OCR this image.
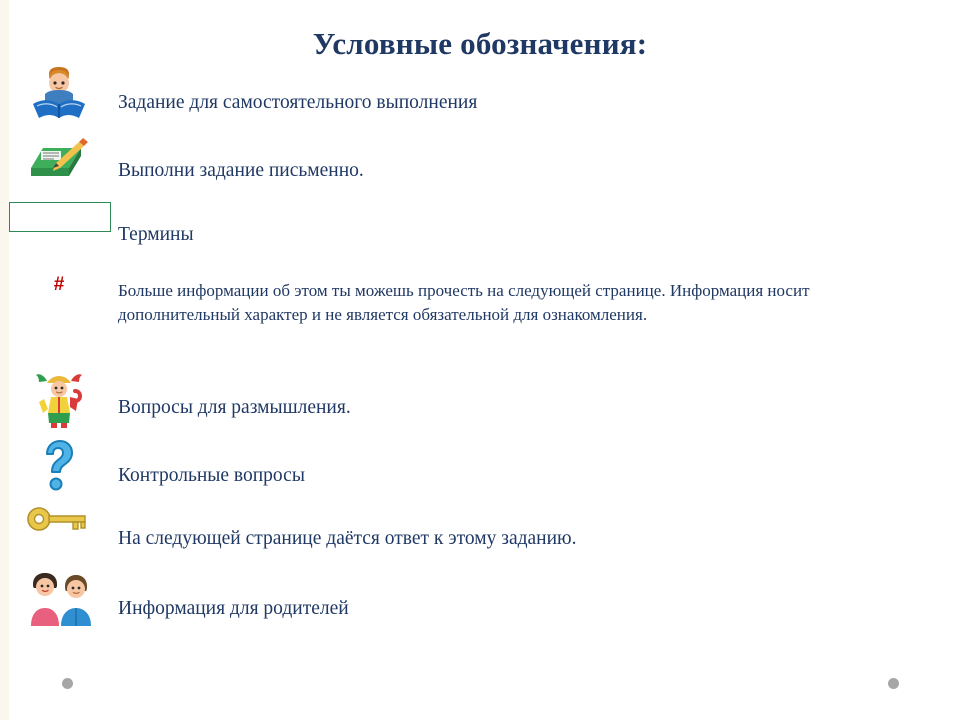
Условные обозначения:
Задание для самостоятельного выполнения
Выполни задание письменно.
Термины
#	Больше информации об этом ты можешь прочесть на следующей странице. Информация носит дополнительный характер и не является обязательной для ознакомления.
Вопросы для размышления.
Контрольные вопросы
На следующей странице даётся ответ к этому заданию.
Информация для родителей
